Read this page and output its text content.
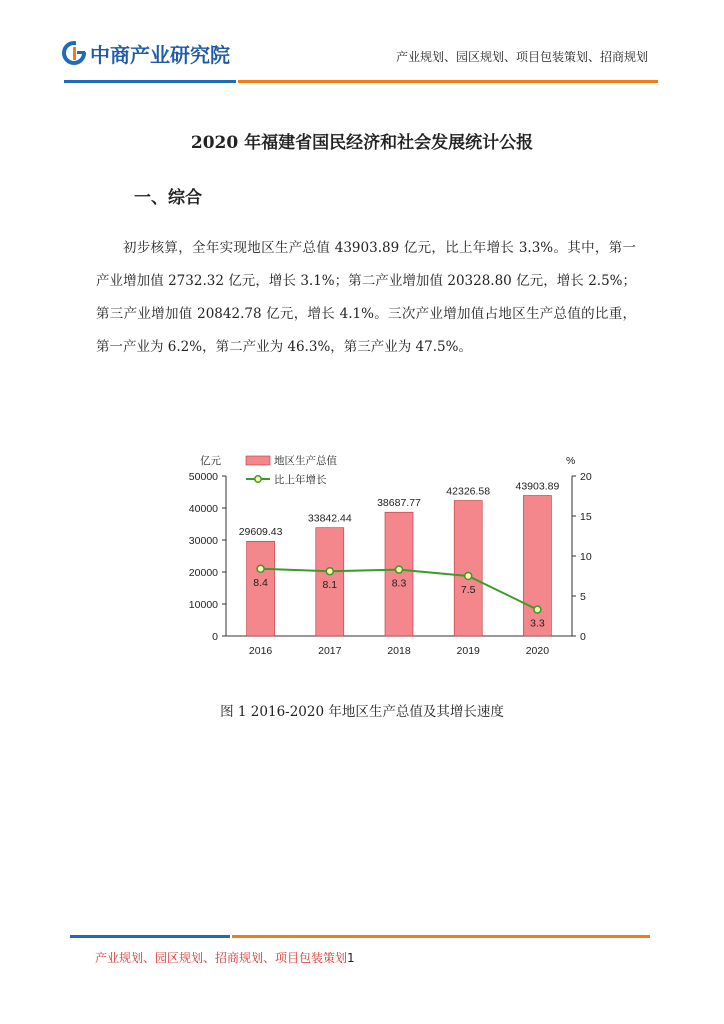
中商产业研究院	产业规划、园区规划、项目包装策划、招商规划
2020 年福建省国民经济和社会发展统计公报
一、综合

初步核算，全年实现地区生产总值 43903.89 亿元，比上年增长 3.3%。其中，第一产业增加值 2732.32 亿元，增长 3.1%；第二产业增加值 20328.80 亿元，增长 2.5%；第三产业增加值 20842.78 亿元，增长 4.1%。三次产业增加值占地区生产总值的比重，第一产业为 6.2%，第二产业为 46.3%，第三产业为 47.5%。

0
10000
20000
30000
40000
50000
0
5
10
15
20
亿元	%
2016	2017	2018	2019	2020
29609.43
33842.44
38687.77
42326.58 43903.89
8.4	8.1	8.3
7.5
3.3
地区生产总值
比上年增长
图 1 2016-2020 年地区生产总值及其增长速度
产业规划、园区规划、招商规划、项目包装策划1
